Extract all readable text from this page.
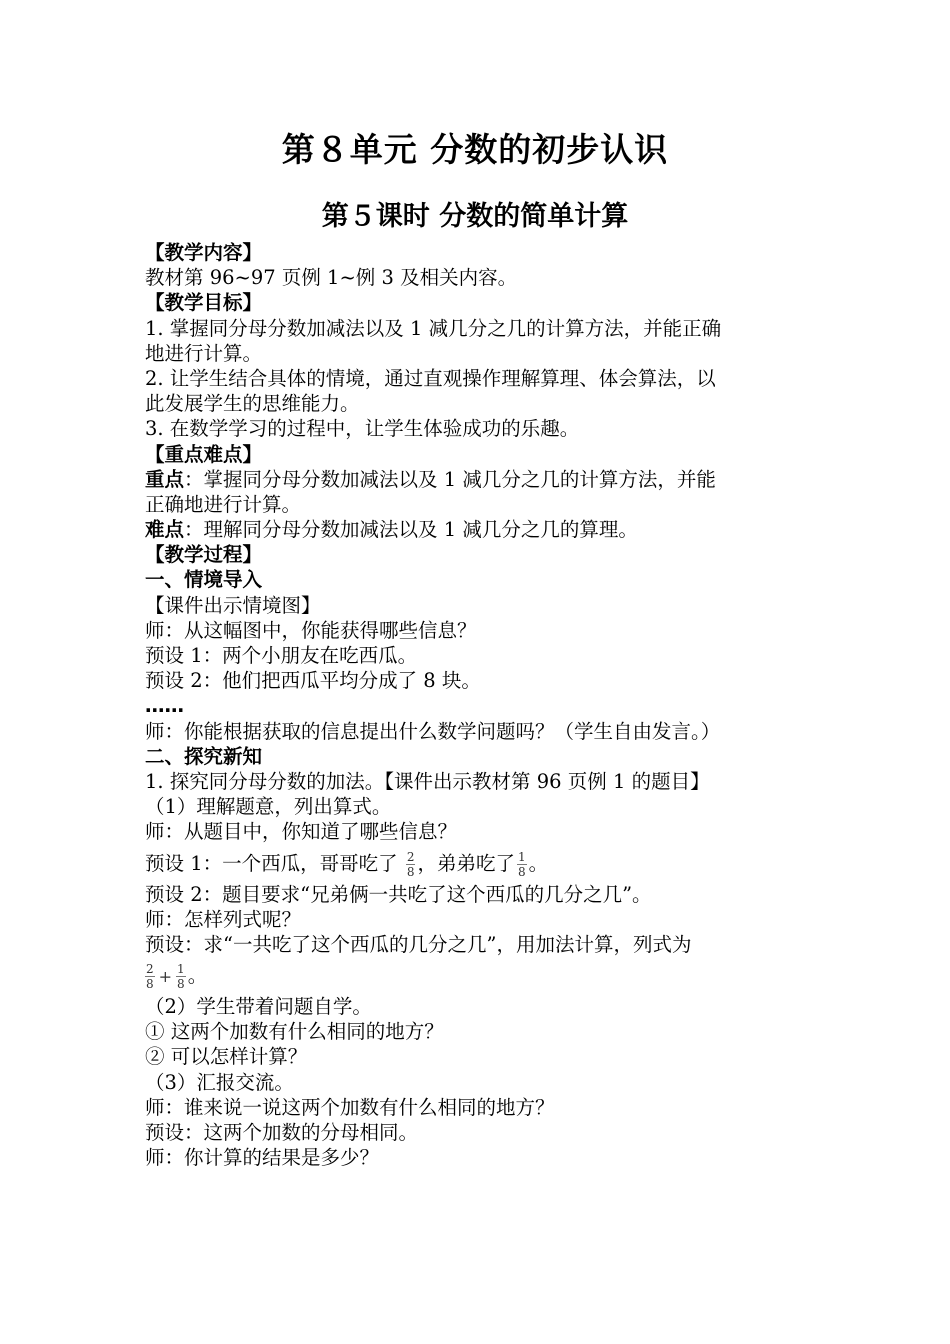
第８单元 分数的初步认识
第５课时 分数的简单计算
【教学内容】
教材第 96~97 页例 1~例 3 及相关内容。
【教学目标】
1. 掌握同分母分数加减法以及 1 减几分之几的计算方法，并能正确
地进行计算。
2. 让学生结合具体的情境，通过直观操作理解算理、体会算法，以
此发展学生的思维能力。
3. 在数学学习的过程中，让学生体验成功的乐趣。
【重点难点】
重点：掌握同分母分数加减法以及 1 减几分之几的计算方法，并能
正确地进行计算。
难点：理解同分母分数加减法以及 1 减几分之几的算理。
【教学过程】
一、情境导入
【课件出示情境图】
师：从这幅图中，你能获得哪些信息？
预设 1：两个小朋友在吃西瓜。
预设 2：他们把西瓜平均分成了 8 块。
……
师：你能根据获取的信息提出什么数学问题吗？（学生自由发言。）
二、探究新知
1. 探究同分母分数的加法。【课件出示教材第 96 页例 1 的题目】
（1）理解题意，列出算式。
师：从题目中，你知道了哪些信息？
预设 1：一个西瓜，哥哥吃了 $\frac{2}{8}$ ，弟弟吃了 $\frac{1}{8}$ 。
预设 2：题目要求“兄弟俩一共吃了这个西瓜的几分之几”。
师：怎样列式呢？
预设：求“一共吃了这个西瓜的几分之几”，用加法计算，列式为
$\frac{2}{8} + \frac{1}{8}$ 。
（2）学生带着问题自学。
① 这两个加数有什么相同的地方？
② 可以怎样计算？
（3）汇报交流。
师：谁来说一说这两个加数有什么相同的地方？
预设：这两个加数的分母相同。
师：你计算的结果是多少？
